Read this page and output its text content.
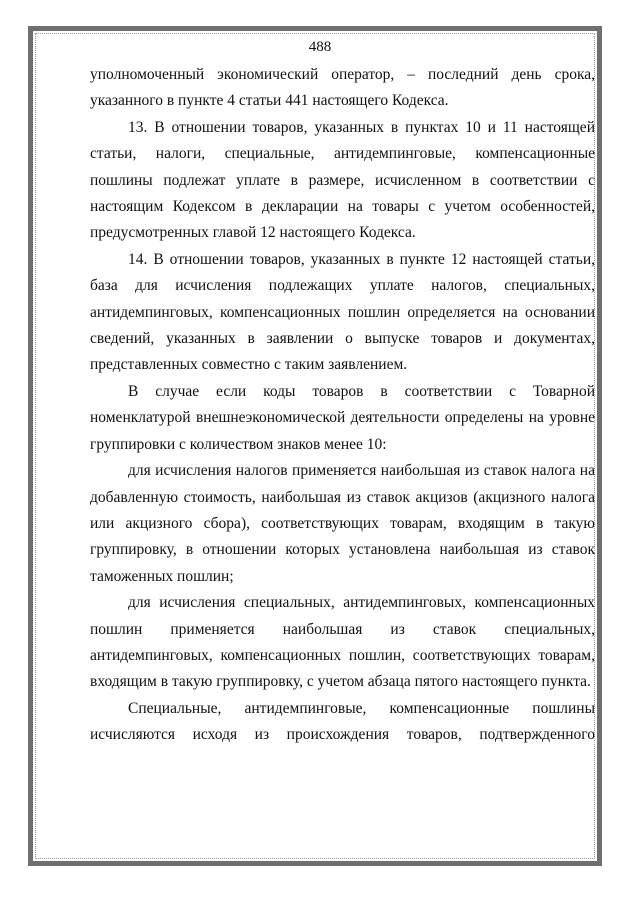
488

уполномоченный экономический оператор, – последний день срока, указанного в пункте 4 статьи 441 настоящего Кодекса.

13. В отношении товаров, указанных в пунктах 10 и 11 настоящей статьи, налоги, специальные, антидемпинговые, компенсационные пошлины подлежат уплате в размере, исчисленном в соответствии с настоящим Кодексом в декларации на товары с учетом особенностей, предусмотренных главой 12 настоящего Кодекса.

14. В отношении товаров, указанных в пункте 12 настоящей статьи, база для исчисления подлежащих уплате налогов, специальных, антидемпинговых, компенсационных пошлин определяется на основании сведений, указанных в заявлении о выпуске товаров и документах, представленных совместно с таким заявлением.

В случае если коды товаров в соответствии с Товарной номенклатурой внешнеэкономической деятельности определены на уровне группировки с количеством знаков менее 10:

для исчисления налогов применяется наибольшая из ставок налога на добавленную стоимость, наибольшая из ставок акцизов (акцизного налога или акцизного сбора), соответствующих товарам, входящим в такую группировку, в отношении которых установлена наибольшая из ставок таможенных пошлин;

для исчисления специальных, антидемпинговых, компенсационных пошлин применяется наибольшая из ставок специальных, антидемпинговых, компенсационных пошлин, соответствующих товарам, входящим в такую группировку, с учетом абзаца пятого настоящего пункта.

Специальные, антидемпинговые, компенсационные пошлины исчисляются исходя из происхождения товаров, подтвержденного
